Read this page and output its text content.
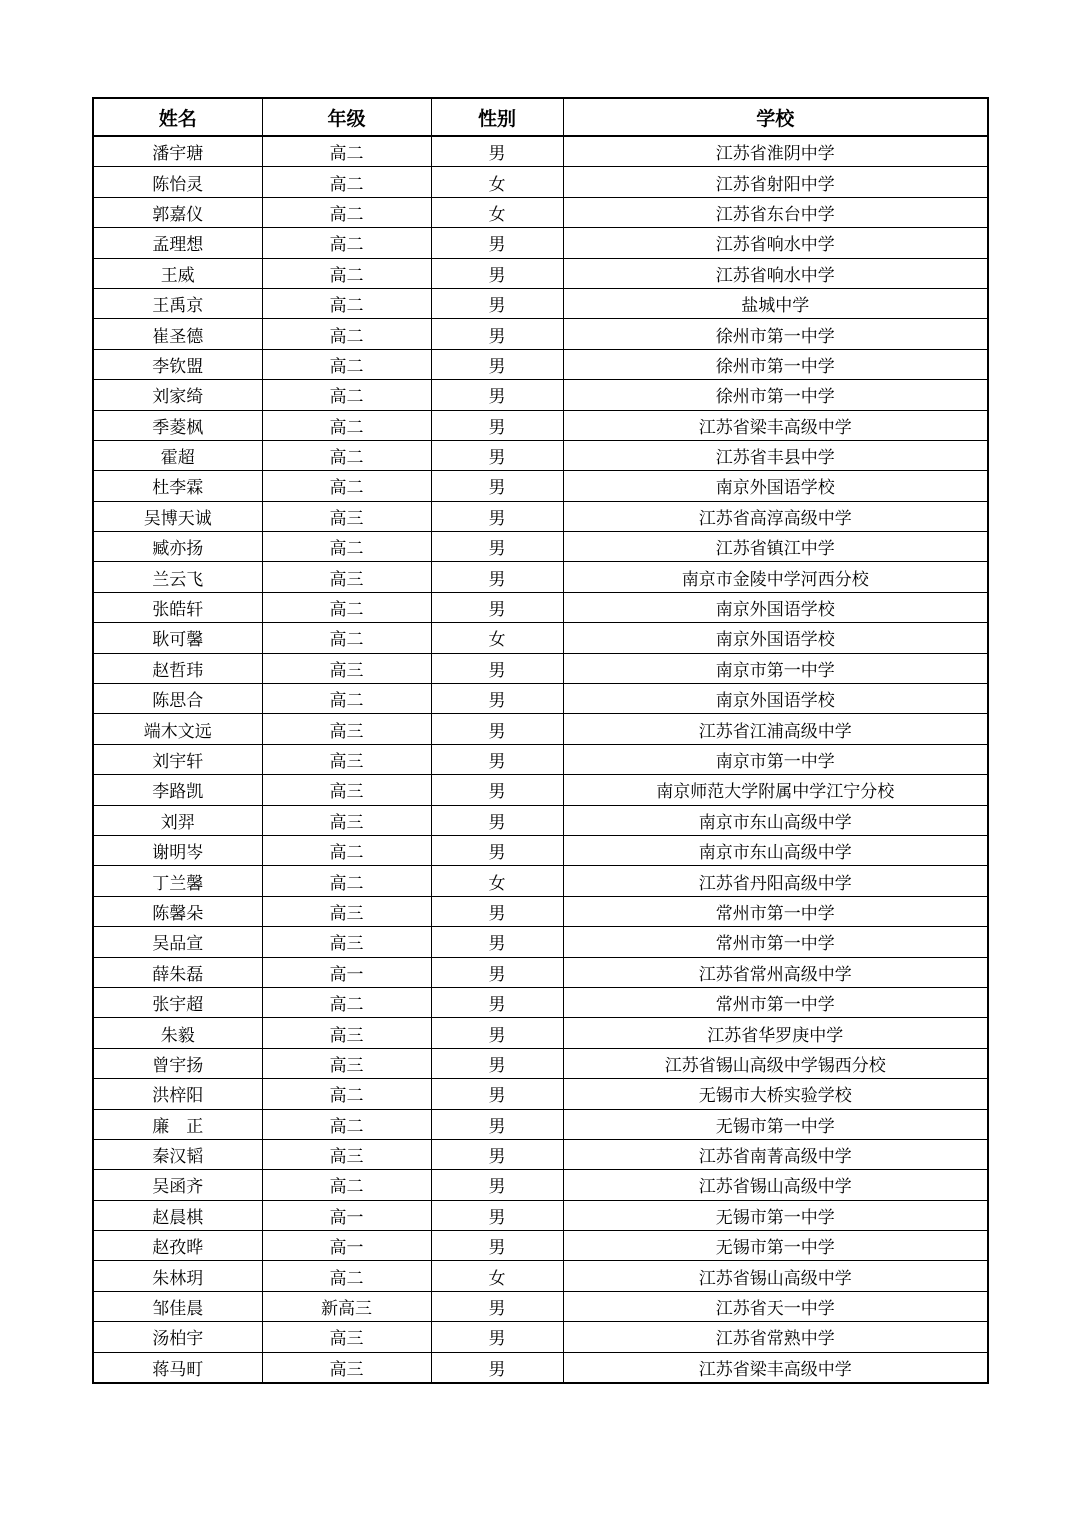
姓名	年级	性别	学校
潘宇瑭	高二	男	江苏省淮阴中学
陈怡灵	高二	女	江苏省射阳中学
郭嘉仪	高二	女	江苏省东台中学
孟理想	高二	男	江苏省响水中学
王威	高二	男	江苏省响水中学
王禹京	高二	男	盐城中学
崔圣德	高二	男	徐州市第一中学
李钦盟	高二	男	徐州市第一中学
刘家绮	高二	男	徐州市第一中学
季菱枫	高二	男	江苏省梁丰高级中学
霍超	高二	男	江苏省丰县中学
杜李霖	高二	男	南京外国语学校
吴博天诚	高三	男	江苏省高淳高级中学
臧亦扬	高二	男	江苏省镇江中学
兰云飞	高三	男	南京市金陵中学河西分校
张皓轩	高二	男	南京外国语学校
耿可馨	高二	女	南京外国语学校
赵哲玮	高三	男	南京市第一中学
陈思合	高二	男	南京外国语学校
端木文远	高三	男	江苏省江浦高级中学
刘宇轩	高三	男	南京市第一中学
李路凯	高三	男	南京师范大学附属中学江宁分校
刘羿	高三	男	南京市东山高级中学
谢明岑	高二	男	南京市东山高级中学
丁兰馨	高二	女	江苏省丹阳高级中学
陈馨朵	高三	男	常州市第一中学
吴品宣	高三	男	常州市第一中学
薛朱磊	高一	男	江苏省常州高级中学
张宇超	高二	男	常州市第一中学
朱毅	高三	男	江苏省华罗庚中学
曾宇扬	高三	男	江苏省锡山高级中学锡西分校
洪梓阳	高二	男	无锡市大桥实验学校
廉　正	高二	男	无锡市第一中学
秦汉韬	高三	男	江苏省南菁高级中学
吴函齐	高二	男	江苏省锡山高级中学
赵晨棋	高一	男	无锡市第一中学
赵孜晔	高一	男	无锡市第一中学
朱林玥	高二	女	江苏省锡山高级中学
邹佳晨	新高三	男	江苏省天一中学
汤柏宇	高三	男	江苏省常熟中学
蒋马町	高三	男	江苏省梁丰高级中学
